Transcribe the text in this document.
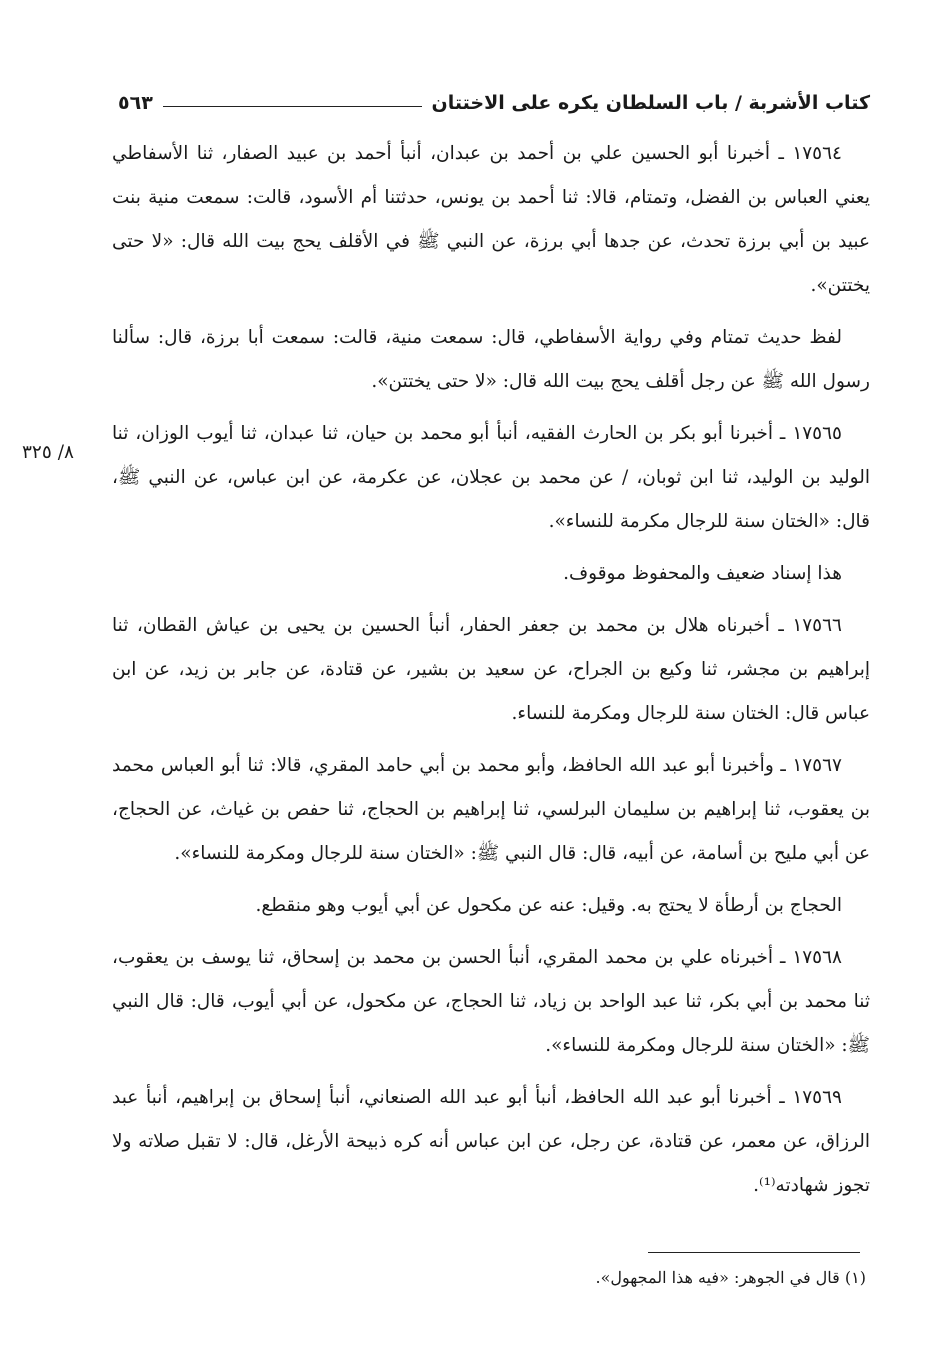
كتاب الأشربة / باب السلطان يكره على الاختتان
٥٦٣
٨/ ٣٢٥

١٧٥٦٤ ـ أخبرنا أبو الحسين علي بن أحمد بن عبدان، أنبأ أحمد بن عبيد الصفار، ثنا الأسفاطي يعني العباس بن الفضل، وتمتام، قالا: ثنا أحمد بن يونس، حدثتنا أم الأسود، قالت: سمعت منية بنت عبيد بن أبي برزة تحدث، عن جدها أبي برزة، عن النبي ﷺ في الأقلف يحج بيت الله قال: «لا حتى يختتن».

لفظ حديث تمتام وفي رواية الأسفاطي، قال: سمعت منية، قالت: سمعت أبا برزة، قال: سألنا رسول الله ﷺ عن رجل أقلف يحج بيت الله قال: «لا حتى يختتن».

١٧٥٦٥ ـ أخبرنا أبو بكر بن الحارث الفقيه، أنبأ أبو محمد بن حيان، ثنا عبدان، ثنا أيوب الوزان، ثنا الوليد بن الوليد، ثنا ابن ثوبان، / عن محمد بن عجلان، عن عكرمة، عن ابن عباس، عن النبي ﷺ، قال: «الختان سنة للرجال مكرمة للنساء».

هذا إسناد ضعيف والمحفوظ موقوف.

١٧٥٦٦ ـ أخبرناه هلال بن محمد بن جعفر الحفار، أنبأ الحسين بن يحيى بن عياش القطان، ثنا إبراهيم بن مجشر، ثنا وكيع بن الجراح، عن سعيد بن بشير، عن قتادة، عن جابر بن زيد، عن ابن عباس قال: الختان سنة للرجال ومكرمة للنساء.

١٧٥٦٧ ـ وأخبرنا أبو عبد الله الحافظ، وأبو محمد بن أبي حامد المقري، قالا: ثنا أبو العباس محمد بن يعقوب، ثنا إبراهيم بن سليمان البرلسي، ثنا إبراهيم بن الحجاج، ثنا حفص بن غياث، عن الحجاج، عن أبي مليح بن أسامة، عن أبيه، قال: قال النبي ﷺ: «الختان سنة للرجال ومكرمة للنساء».

الحجاج بن أرطأة لا يحتج به. وقيل: عنه عن مكحول عن أبي أيوب وهو منقطع.

١٧٥٦٨ ـ أخبرناه علي بن محمد المقري، أنبأ الحسن بن محمد بن إسحاق، ثنا يوسف بن يعقوب، ثنا محمد بن أبي بكر، ثنا عبد الواحد بن زياد، ثنا الحجاج، عن مكحول، عن أبي أيوب، قال: قال النبي ﷺ: «الختان سنة للرجال ومكرمة للنساء».

١٧٥٦٩ ـ أخبرنا أبو عبد الله الحافظ، أنبأ أبو عبد الله الصنعاني، أنبأ إسحاق بن إبراهيم، أنبأ عبد الرزاق، عن معمر، عن قتادة، عن رجل، عن ابن عباس أنه كره ذبيحة الأرغل، قال: لا تقبل صلاته ولا تجوز شهادته⁽¹⁾.

(١) قال في الجوهر: «فيه هذا المجهول».
